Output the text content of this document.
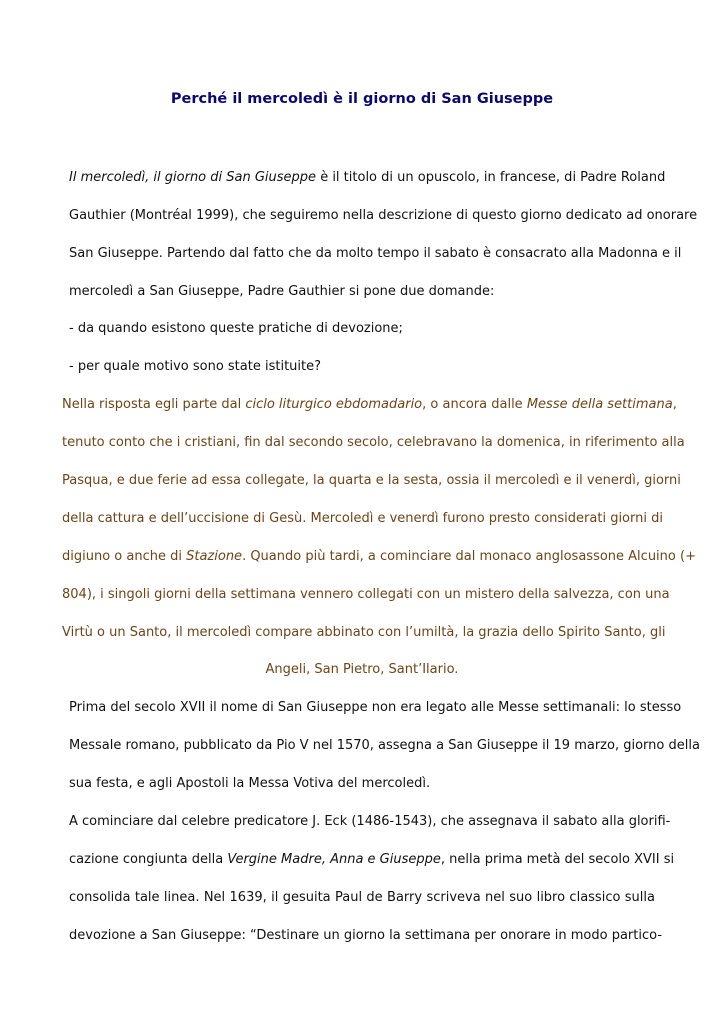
Perché il mercoledì è il giorno di San Giuseppe
Il mercoledì, il giorno di San Giuseppe è il titolo di un opuscolo, in francese, di Padre Roland
Gauthier (Montréal 1999), che seguiremo nella descrizione di questo giorno dedicato ad onorare
San Giuseppe. Partendo dal fatto che da molto tempo il sabato è consacrato alla Madonna e il
mercoledì a San Giuseppe, Padre Gauthier si pone due domande:
- da quando esistono queste pratiche di devozione;
- per quale motivo sono state istituite?
Nella risposta egli parte dal ciclo liturgico ebdomadario, o ancora dalle Messe della settimana,
tenuto conto che i cristiani, fin dal secondo secolo, celebravano la domenica, in riferimento alla
Pasqua, e due ferie ad essa collegate, la quarta e la sesta, ossia il mercoledì e il venerdì, giorni
della cattura e dell’uccisione di Gesù. Mercoledì e venerdì furono presto considerati giorni di
digiuno o anche di Stazione. Quando più tardi, a cominciare dal monaco anglosassone Alcuino (+
804), i singoli giorni della settimana vennero collegati con un mistero della salvezza, con una
Virtù o un Santo, il mercoledì compare abbinato con l’umiltà, la grazia dello Spirito Santo, gli
Angeli, San Pietro, Sant’Ilario.
Prima del secolo XVII il nome di San Giuseppe non era legato alle Messe settimanali: lo stesso
Messale romano, pubblicato da Pio V nel 1570, assegna a San Giuseppe il 19 marzo, giorno della
sua festa, e agli Apostoli la Messa Votiva del mercoledì.
A cominciare dal celebre predicatore J. Eck (1486-1543), che assegnava il sabato alla glorifi-
cazione congiunta della Vergine Madre, Anna e Giuseppe, nella prima metà del secolo XVII si
consolida tale linea. Nel 1639, il gesuita Paul de Barry scriveva nel suo libro classico sulla
devozione a San Giuseppe: “Destinare un giorno la settimana per onorare in modo partico-
